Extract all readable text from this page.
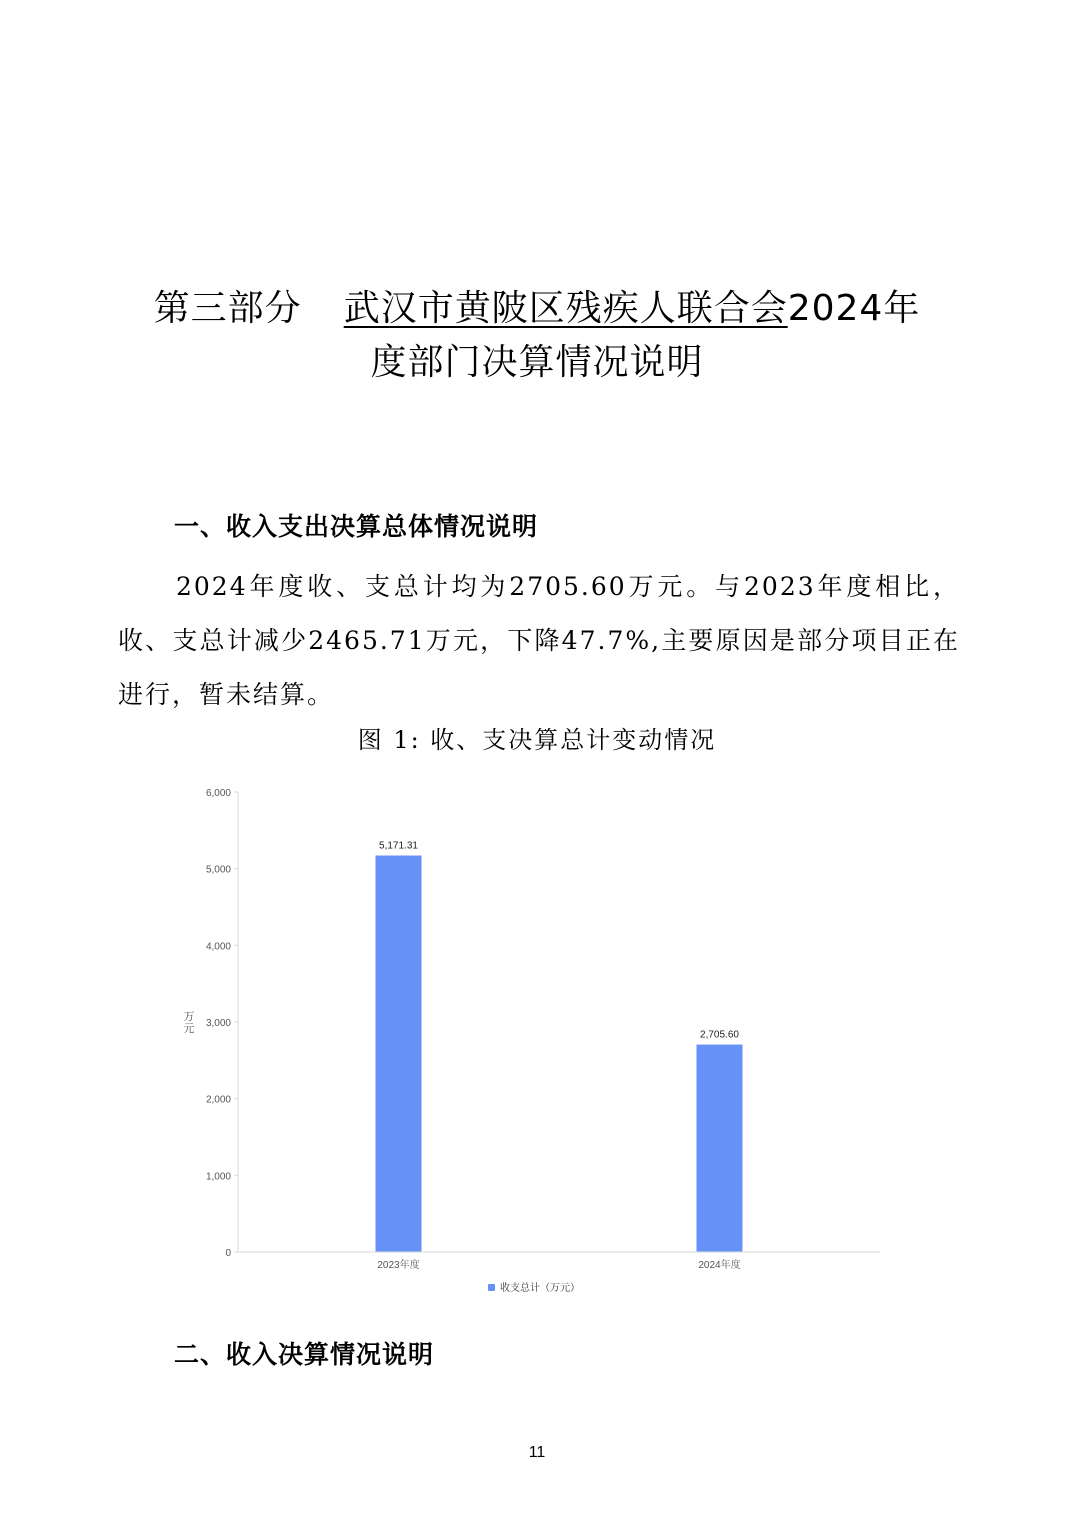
第三部分 武汉市黄陂区残疾人联合会2024年
度部门决算情况说明
一、收入支出决算总体情况说明
2024年度收、支总计均为2705.60万元。与2023年度相比，收、支总计减少2465.71万元，下降47.7%,主要原因是部分项目正在进行，暂未结算。
图 1: 收、支决算总计变动情况
0
1,000
2,000
3,000
4,000
5,000
6,000
5,171.31
2,705.60
2023年度	2024年度
万
元
收支总计（万元）
二、收入决算情况说明
11
